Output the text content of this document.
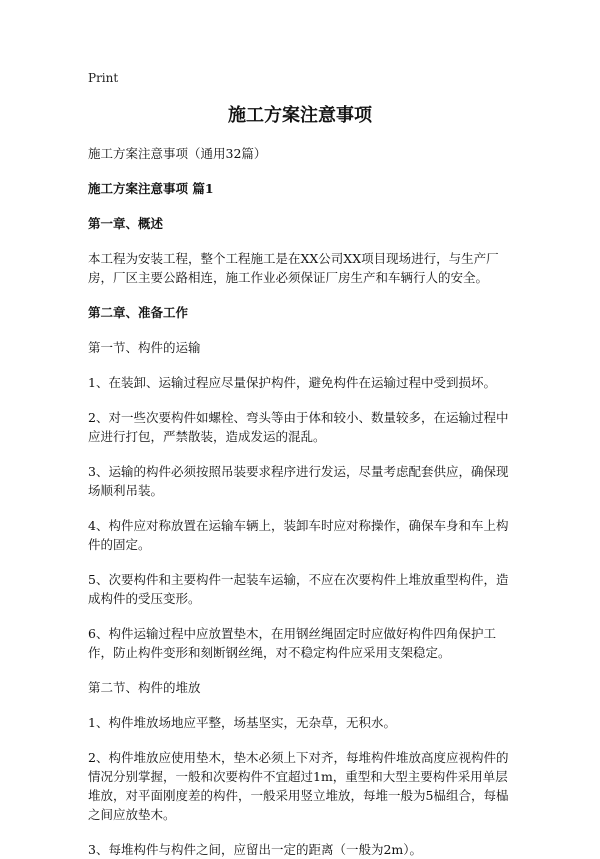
Print
施工方案注意事项
施工方案注意事项（通用32篇）
施工方案注意事项 篇1
第一章、概述
本工程为安装工程，整个工程施工是在XX公司XX项目现场进行，与生产厂房，厂区主要公路相连，施工作业必须保证厂房生产和车辆行人的安全。
第二章、准备工作
第一节、构件的运输
1、在装卸、运输过程应尽量保护构件，避免构件在运输过程中受到损坏。
2、对一些次要构件如螺栓、弯头等由于体和较小、数量较多，在运输过程中应进行打包，严禁散装，造成发运的混乱。
3、运输的构件必须按照吊装要求程序进行发运，尽量考虑配套供应，确保现场顺利吊装。
4、构件应对称放置在运输车辆上，装卸车时应对称操作，确保车身和车上构件的固定。
5、次要构件和主要构件一起装车运输，不应在次要构件上堆放重型构件，造成构件的受压变形。
6、构件运输过程中应放置垫木，在用钢丝绳固定时应做好构件四角保护工作，防止构件变形和刻断钢丝绳，对不稳定构件应采用支架稳定。
第二节、构件的堆放
1、构件堆放场地应平整，场基坚实，无杂草，无积水。
2、构件堆放应使用垫木，垫木必须上下对齐，每堆构件堆放高度应视构件的情况分别掌握，一般和次要构件不宜超过1m，重型和大型主要构件采用单层堆放，对平面刚度差的构件，一般采用竖立堆放，每堆一般为5榀组合，每榀之间应放垫木。
3、每堆构件与构件之间，应留出一定的距离（一般为2m）。
